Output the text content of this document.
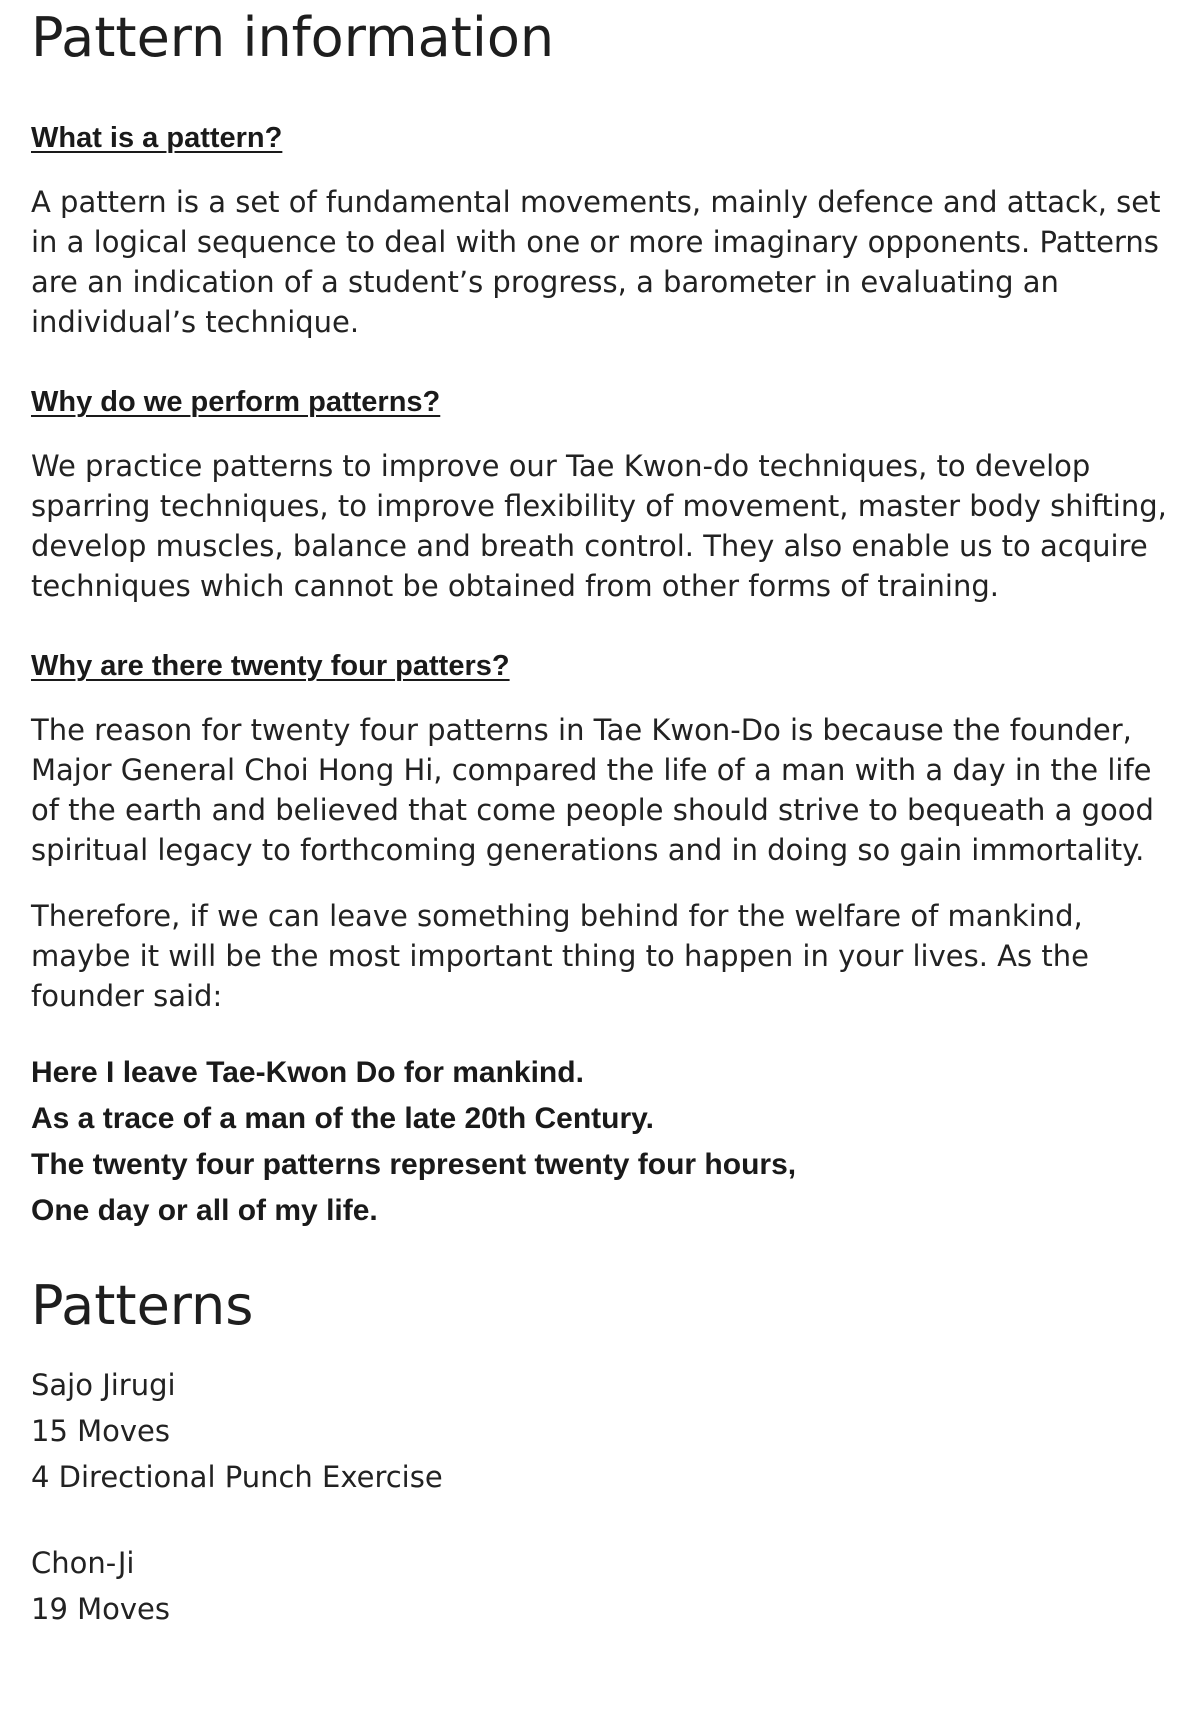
Pattern information
What is a pattern?
A pattern is a set of fundamental movements, mainly defence and attack, set in a logical sequence to deal with one or more imaginary opponents. Patterns are an indication of a student’s progress, a barometer in evaluating an individual’s technique.
Why do we perform patterns?
We practice patterns to improve our Tae Kwon-do techniques, to develop sparring techniques, to improve flexibility of movement, master body shifting, develop muscles, balance and breath control. They also enable us to acquire techniques which cannot be obtained from other forms of training.
Why are there twenty four patters?
The reason for twenty four patterns in Tae Kwon-Do is because the founder, Major General Choi Hong Hi, compared the life of a man with a day in the life of the earth and believed that come people should strive to bequeath a good spiritual legacy to forthcoming generations and in doing so gain immortality.
Therefore, if we can leave something behind for the welfare of mankind, maybe it will be the most important thing to happen in your lives. As the founder said:
Here I leave Tae-Kwon Do for mankind.
As a trace of a man of the late 20th Century.
The twenty four patterns represent twenty four hours,
One day or all of my life.
Patterns
Sajo Jirugi
15 Moves
4 Directional Punch Exercise
Chon-Ji
19 Moves
